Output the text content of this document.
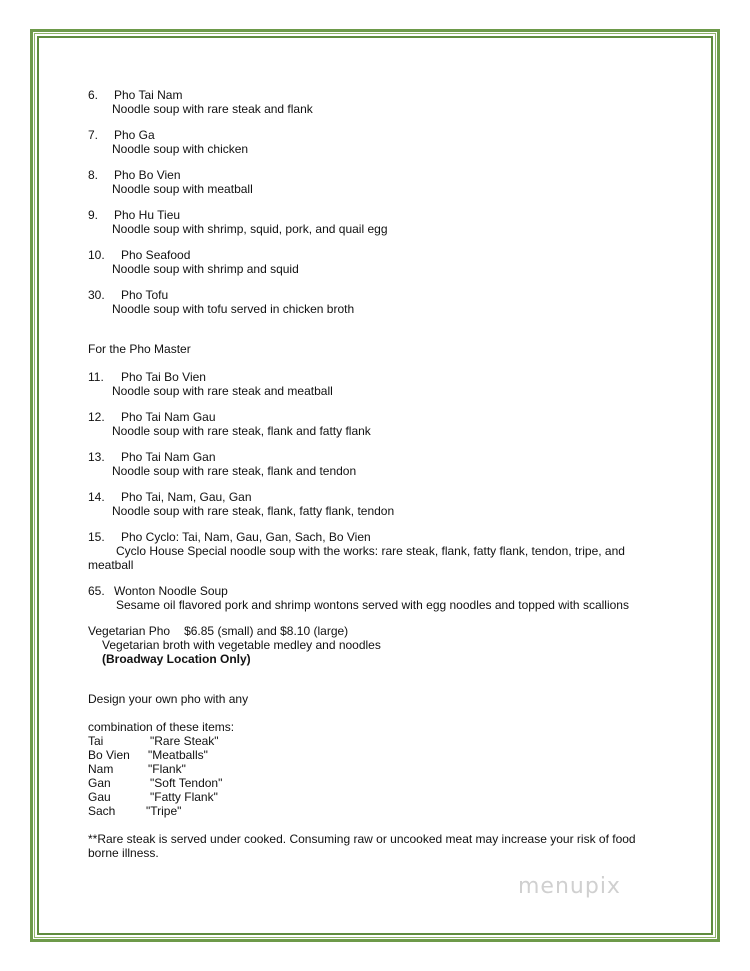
6. Pho Tai Nam
Noodle soup with rare steak and flank
7. Pho Ga
Noodle soup with chicken
8. Pho Bo Vien
Noodle soup with meatball
9. Pho Hu Tieu
Noodle soup with shrimp, squid, pork, and quail egg
10. Pho Seafood
Noodle soup with shrimp and squid
30. Pho Tofu
Noodle soup with tofu served in chicken broth
For the Pho Master
11. Pho Tai Bo Vien
Noodle soup with rare steak and meatball
12. Pho Tai Nam Gau
Noodle soup with rare steak, flank and fatty flank
13. Pho Tai Nam Gan
Noodle soup with rare steak, flank and tendon
14. Pho Tai, Nam, Gau, Gan
Noodle soup with rare steak, flank, fatty flank, tendon
15. Pho Cyclo: Tai, Nam, Gau, Gan, Sach, Bo Vien
Cyclo House Special noodle soup with the works: rare steak, flank, fatty flank, tendon, tripe, and
meatball
65. Wonton Noodle Soup
Sesame oil flavored pork and shrimp wontons served with egg noodles and topped with scallions
Vegetarian Pho $6.85 (small) and $8.10 (large)
Vegetarian broth with vegetable medley and noodles
(Broadway Location Only)
Design your own pho with any
combination of these items:
Tai	"Rare Steak"
Bo Vien	"Meatballs"
Nam	"Flank"
Gan	"Soft Tendon"
Gau	"Fatty Flank"
Sach	"Tripe"
**Rare steak is served under cooked. Consuming raw or uncooked meat may increase your risk of food
borne illness.
menupix
